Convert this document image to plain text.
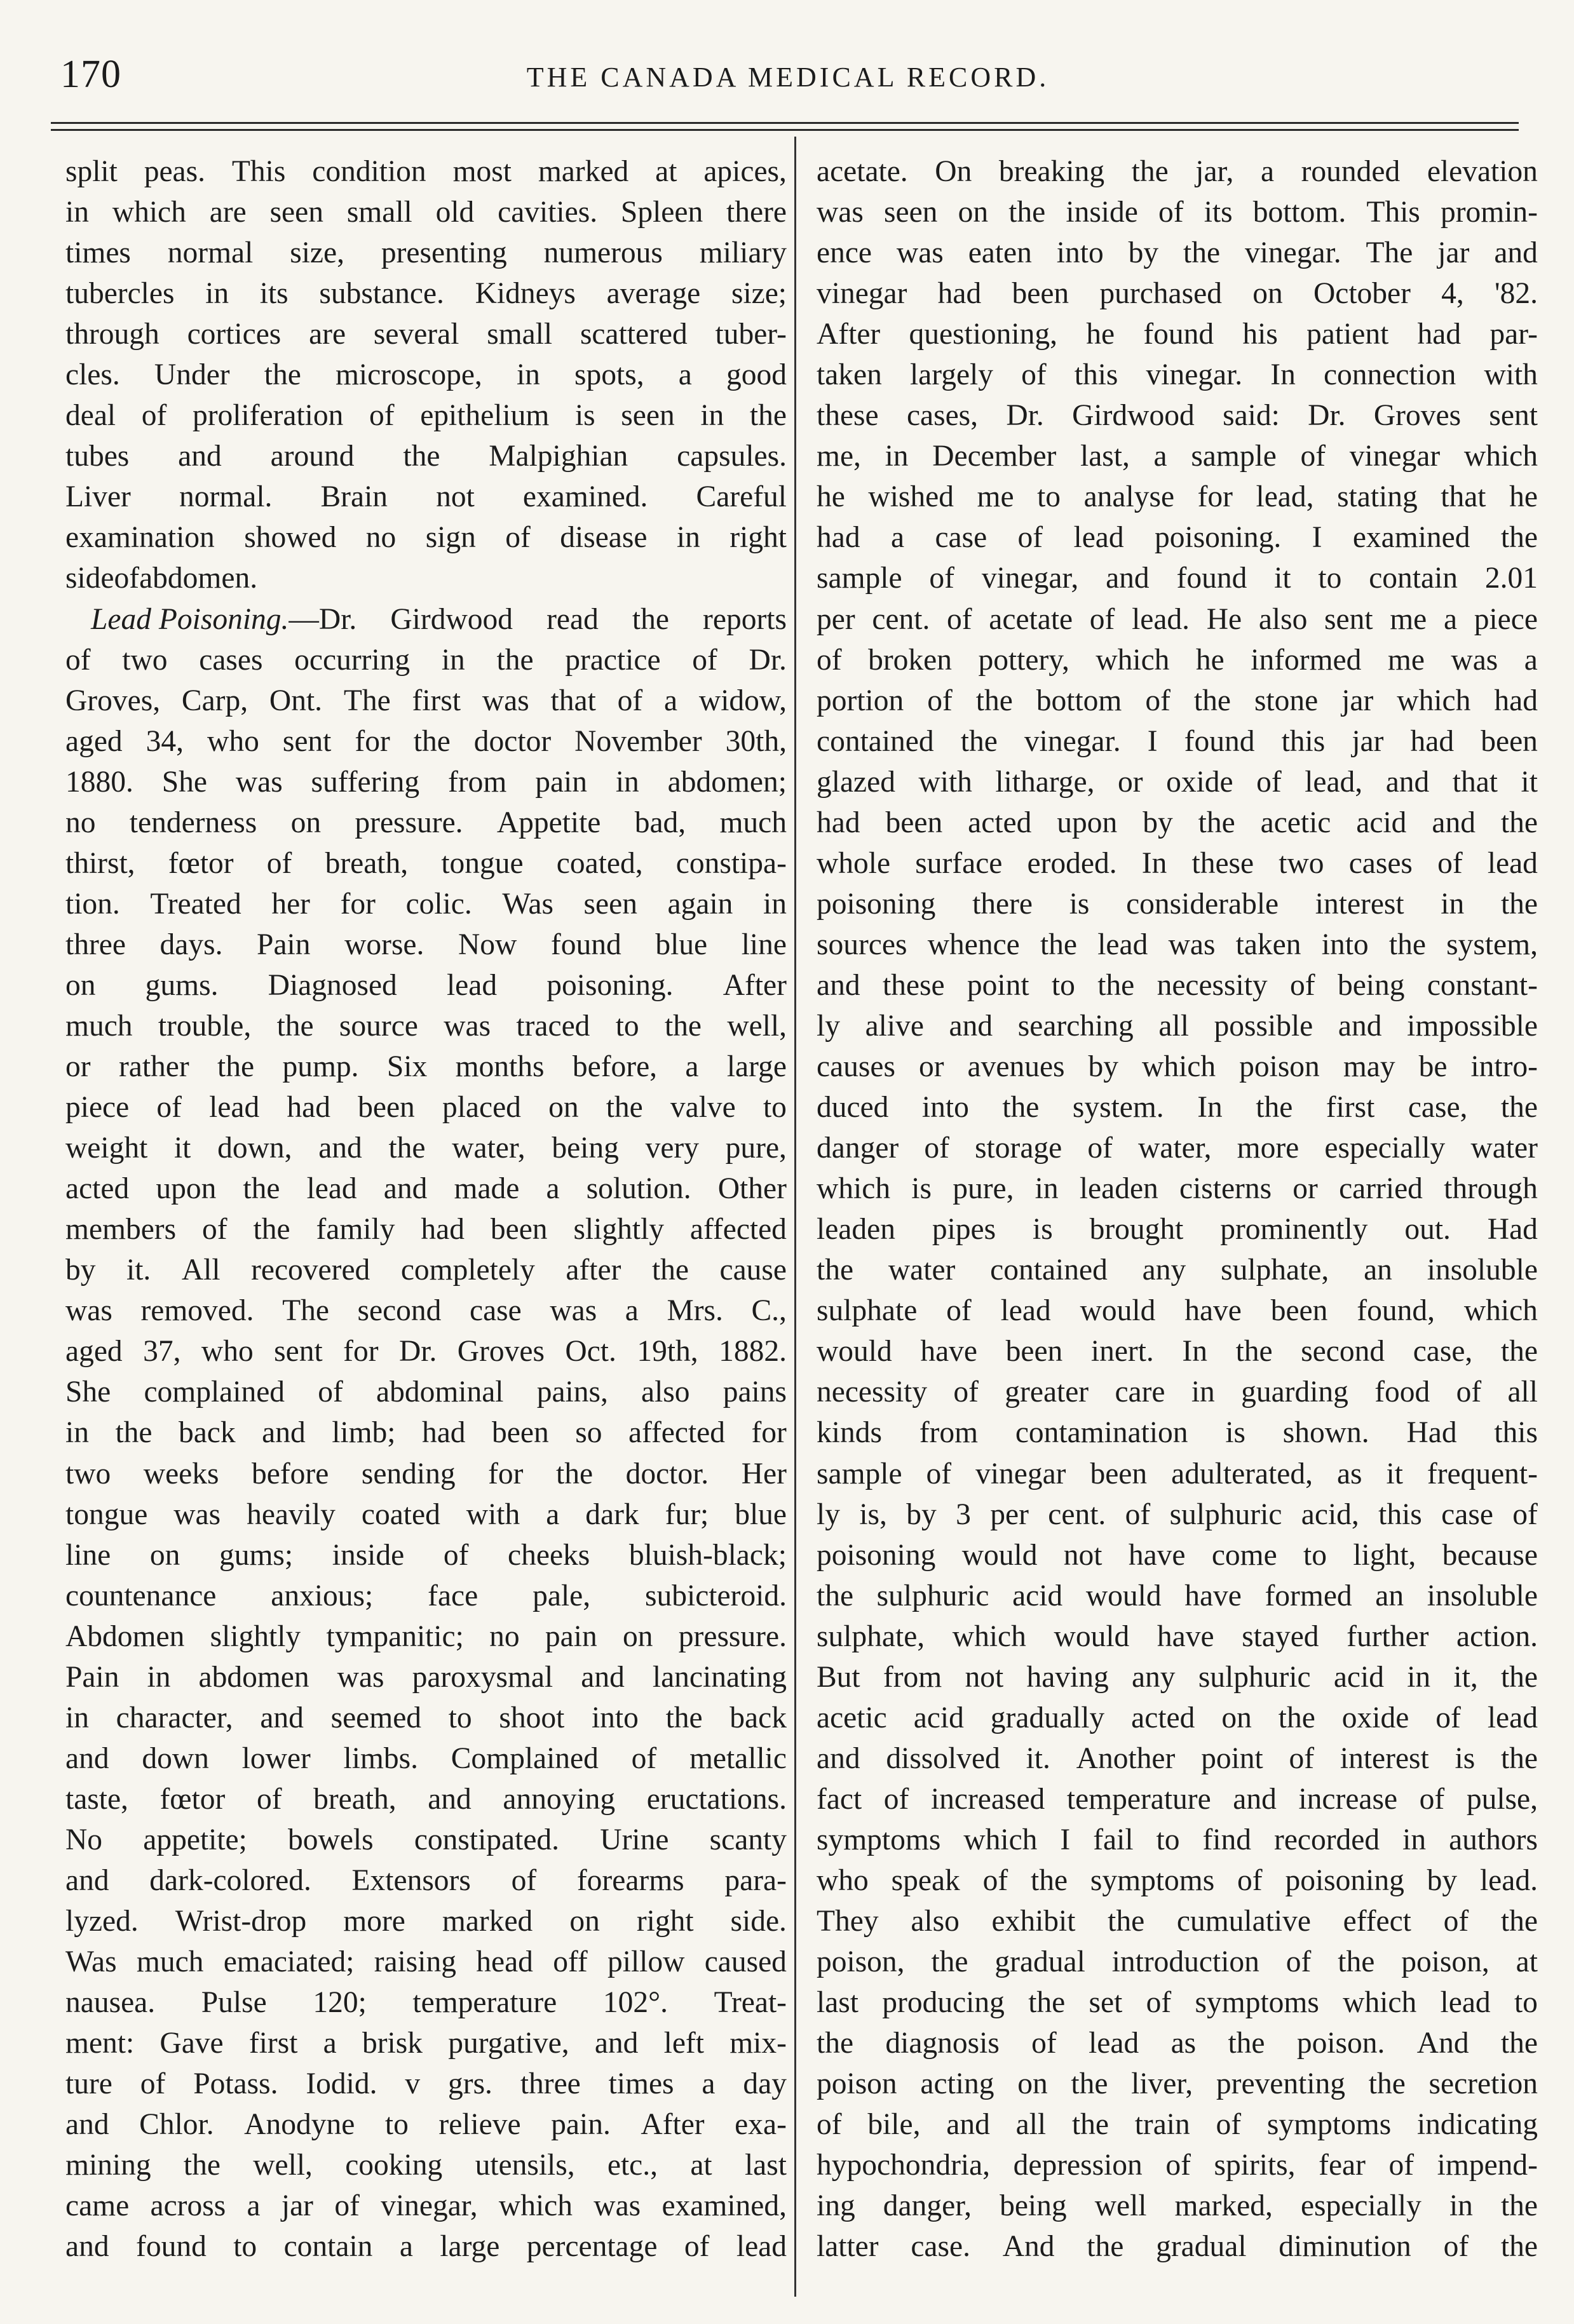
170	THE CANADA MEDICAL RECORD.
split peas. This condition most marked at apices,
in which are seen small old cavities. Spleen there
times normal size, presenting numerous miliary
tubercles in its substance. Kidneys average size;
through cortices are several small scattered tuber-
cles. Under the microscope, in spots, a good
deal of proliferation of epithelium is seen in the
tubes and around the Malpighian capsules.
Liver normal. Brain not examined. Careful
examination showed no sign of disease in right
side of abdomen.
Lead Poisoning.—Dr. Girdwood read the reports
of two cases occurring in the practice of Dr.
Groves, Carp, Ont. The first was that of a widow,
aged 34, who sent for the doctor November 30th,
1880. She was suffering from pain in abdomen;
no tenderness on pressure. Appetite bad, much
thirst, fœtor of breath, tongue coated, constipa-
tion. Treated her for colic. Was seen again in
three days. Pain worse. Now found blue line
on gums. Diagnosed lead poisoning. After
much trouble, the source was traced to the well,
or rather the pump. Six months before, a large
piece of lead had been placed on the valve to
weight it down, and the water, being very pure,
acted upon the lead and made a solution. Other
members of the family had been slightly affected
by it. All recovered completely after the cause
was removed. The second case was a Mrs. C.,
aged 37, who sent for Dr. Groves Oct. 19th, 1882.
She complained of abdominal pains, also pains
in the back and limb; had been so affected for
two weeks before sending for the doctor. Her
tongue was heavily coated with a dark fur; blue
line on gums; inside of cheeks bluish-black;
countenance anxious; face pale, subicteroid.
Abdomen slightly tympanitic; no pain on pressure.
Pain in abdomen was paroxysmal and lancinating
in character, and seemed to shoot into the back
and down lower limbs. Complained of metallic
taste, fœtor of breath, and annoying eructations.
No appetite; bowels constipated. Urine scanty
and dark-colored. Extensors of forearms para-
lyzed. Wrist-drop more marked on right side.
Was much emaciated; raising head off pillow caused
nausea. Pulse 120; temperature 102°. Treat-
ment: Gave first a brisk purgative, and left mix-
ture of Potass. Iodid. v grs. three times a day
and Chlor. Anodyne to relieve pain. After exa-
mining the well, cooking utensils, etc., at last
came across a jar of vinegar, which was examined,
and found to contain a large percentage of lead
acetate. On breaking the jar, a rounded elevation
was seen on the inside of its bottom. This promin-
ence was eaten into by the vinegar. The jar and
vinegar had been purchased on October 4, '82.
After questioning, he found his patient had par-
taken largely of this vinegar. In connection with
these cases, Dr. Girdwood said: Dr. Groves sent
me, in December last, a sample of vinegar which
he wished me to analyse for lead, stating that he
had a case of lead poisoning. I examined the
sample of vinegar, and found it to contain 2.01
per cent. of acetate of lead. He also sent me a piece
of broken pottery, which he informed me was a
portion of the bottom of the stone jar which had
contained the vinegar. I found this jar had been
glazed with litharge, or oxide of lead, and that it
had been acted upon by the acetic acid and the
whole surface eroded. In these two cases of lead
poisoning there is considerable interest in the
sources whence the lead was taken into the system,
and these point to the necessity of being constant-
ly alive and searching all possible and impossible
causes or avenues by which poison may be intro-
duced into the system. In the first case, the
danger of storage of water, more especially water
which is pure, in leaden cisterns or carried through
leaden pipes is brought prominently out. Had
the water contained any sulphate, an insoluble
sulphate of lead would have been found, which
would have been inert. In the second case, the
necessity of greater care in guarding food of all
kinds from contamination is shown. Had this
sample of vinegar been adulterated, as it frequent-
ly is, by 3 per cent. of sulphuric acid, this case of
poisoning would not have come to light, because
the sulphuric acid would have formed an insoluble
sulphate, which would have stayed further action.
But from not having any sulphuric acid in it, the
acetic acid gradually acted on the oxide of lead
and dissolved it. Another point of interest is the
fact of increased temperature and increase of pulse,
symptoms which I fail to find recorded in authors
who speak of the symptoms of poisoning by lead.
They also exhibit the cumulative effect of the
poison, the gradual introduction of the poison, at
last producing the set of symptoms which lead to
the diagnosis of lead as the poison. And the
poison acting on the liver, preventing the secretion
of bile, and all the train of symptoms indicating
hypochondria, depression of spirits, fear of impend-
ing danger, being well marked, especially in the
latter case. And the gradual diminution of the
